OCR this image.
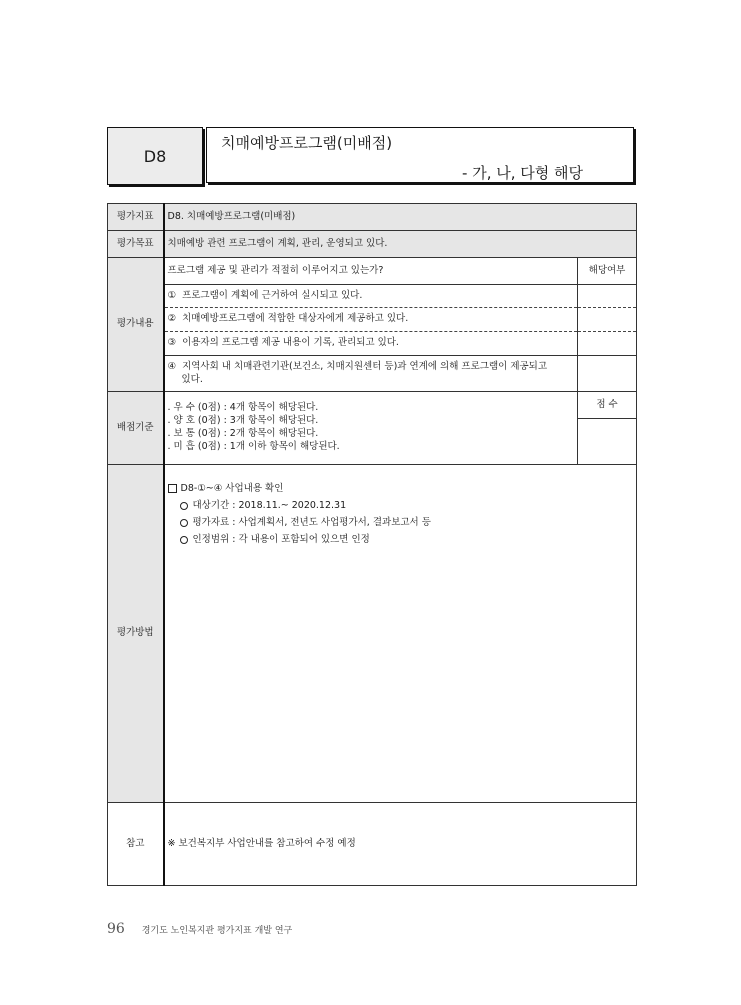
D8
치매예방프로그램(미배점)
- 가, 나, 다형 해당
평가지표	D8. 치매예방프로그램(미배점)	
평가목표	치매예방 관련 프로그램이 계획, 관리, 운영되고 있다.	
평가내용	프로그램 제공 및 관리가 적절히 이루어지고 있는가?	해당여부
	① 프로그램이 계획에 근거하여 실시되고 있다.	
	② 치매예방프로그램에 적합한 대상자에게 제공하고 있다.	
	③ 이용자의 프로그램 제공 내용이 기록, 관리되고 있다.	

	④ 지역사회 내 치매관련기관(보건소, 치매지원센터 등)과 연계에 의해 프로그램이 제공되고
있다.	

배점기준	. 우 수 (0점) : 4개 항목이 해당된다.
. 양 호 (0점) : 3개 항목이 해당된다.
. 보 통 (0점) : 2개 항목이 해당된다.
. 미 흡 (0점) : 1개 이하 항목이 해당된다.	점 수

평가방법	D8-①~④ 사업내용 확인
대상기간 : 2018.11.~ 2020.12.31
평가자료 : 사업계획서, 전년도 사업평가서, 결과보고서 등
인정범위 : 각 내용이 포함되어 있으면 인정	

참고	※ 보건복지부 사업안내를 참고하여 수정 예정	
96 경기도 노인복지관 평가지표 개발 연구
